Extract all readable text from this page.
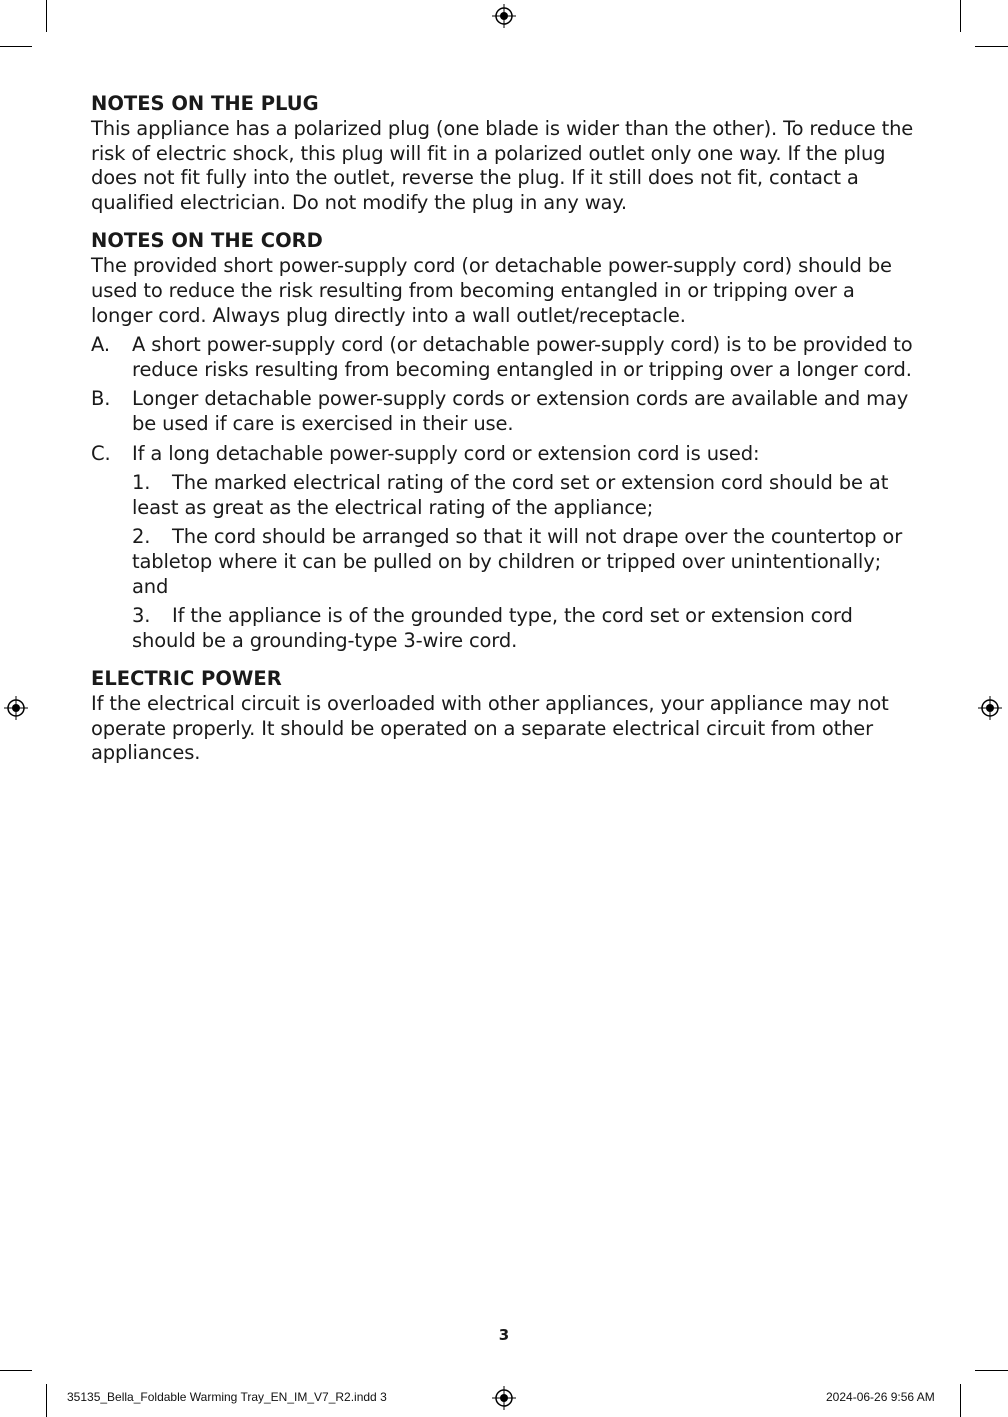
NOTES ON THE PLUG

This appliance has a polarized plug (one blade is wider than the other). To reduce the risk of electric shock, this plug will fit in a polarized outlet only one way. If the plug does not fit fully into the outlet, reverse the plug. If it still does not fit, contact a qualified electrician. Do not modify the plug in any way.

NOTES ON THE CORD

The provided short power-supply cord (or detachable power-supply cord) should be used to reduce the risk resulting from becoming entangled in or tripping over a longer cord. Always plug directly into a wall outlet/receptacle.

A.	A short power-supply cord (or detachable power-supply cord) is to be provided to reduce risks resulting from becoming entangled in or tripping over a longer cord.
B.	Longer detachable power-supply cords or extension cords are available and may be used if care is exercised in their use.
C.	If a long detachable power-supply cord or extension cord is used:
1. The marked electrical rating of the cord set or extension cord should be at least as great as the electrical rating of the appliance;
2. The cord should be arranged so that it will not drape over the countertop or tabletop where it can be pulled on by children or tripped over unintentionally; and
3. If the appliance is of the grounded type, the cord set or extension cord should be a grounding-type 3-wire cord.
ELECTRIC POWER

If the electrical circuit is overloaded with other appliances, your appliance may not operate properly. It should be operated on a separate electrical circuit from other appliances.

3
35135_Bella_Foldable Warming Tray_EN_IM_V7_R2.indd 3	2024-06-26 9:56 AM
